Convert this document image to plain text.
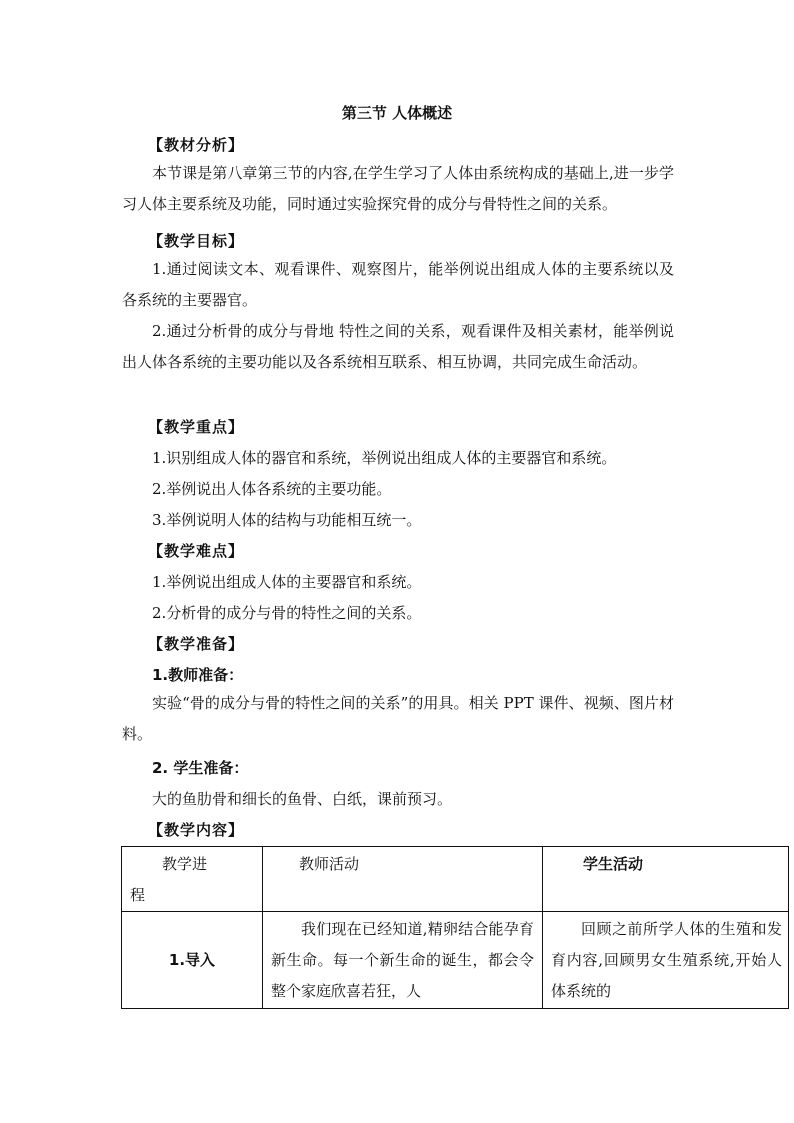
第三节 人体概述
【教材分析】
本节课是第八章第三节的内容,在学生学习了人体由系统构成的基础上,进一步学习人体主要系统及功能，同时通过实验探究骨的成分与骨特性之间的关系。
【教学目标】
1.通过阅读文本、观看课件、观察图片，能举例说出组成人体的主要系统以及各系统的主要器官。
2.通过分析骨的成分与骨地 特性之间的关系，观看课件及相关素材，能举例说出人体各系统的主要功能以及各系统相互联系、相互协调，共同完成生命活动。
【教学重点】
1.识别组成人体的器官和系统，举例说出组成人体的主要器官和系统。
2.举例说出人体各系统的主要功能。
3.举例说明人体的结构与功能相互统一。
【教学难点】
1.举例说出组成人体的主要器官和系统。
2.分析骨的成分与骨的特性之间的关系。
【教学准备】
1.教师准备：
实验“骨的成分与骨的特性之间的关系”的用具。相关 PPT 课件、视频、图片材料。
2. 学生准备：
大的鱼肋骨和细长的鱼骨、白纸，课前预习。
【教学内容】
教学进
程	教师活动	学生活动
1.导入	我们现在已经知道,精卵结合能孕育新生命。每一个新生命的诞生，都会令整个家庭欣喜若狂，人	回顾之前所学人体的生殖和发育内容,回顾男女生殖系统,开始人体系统的
